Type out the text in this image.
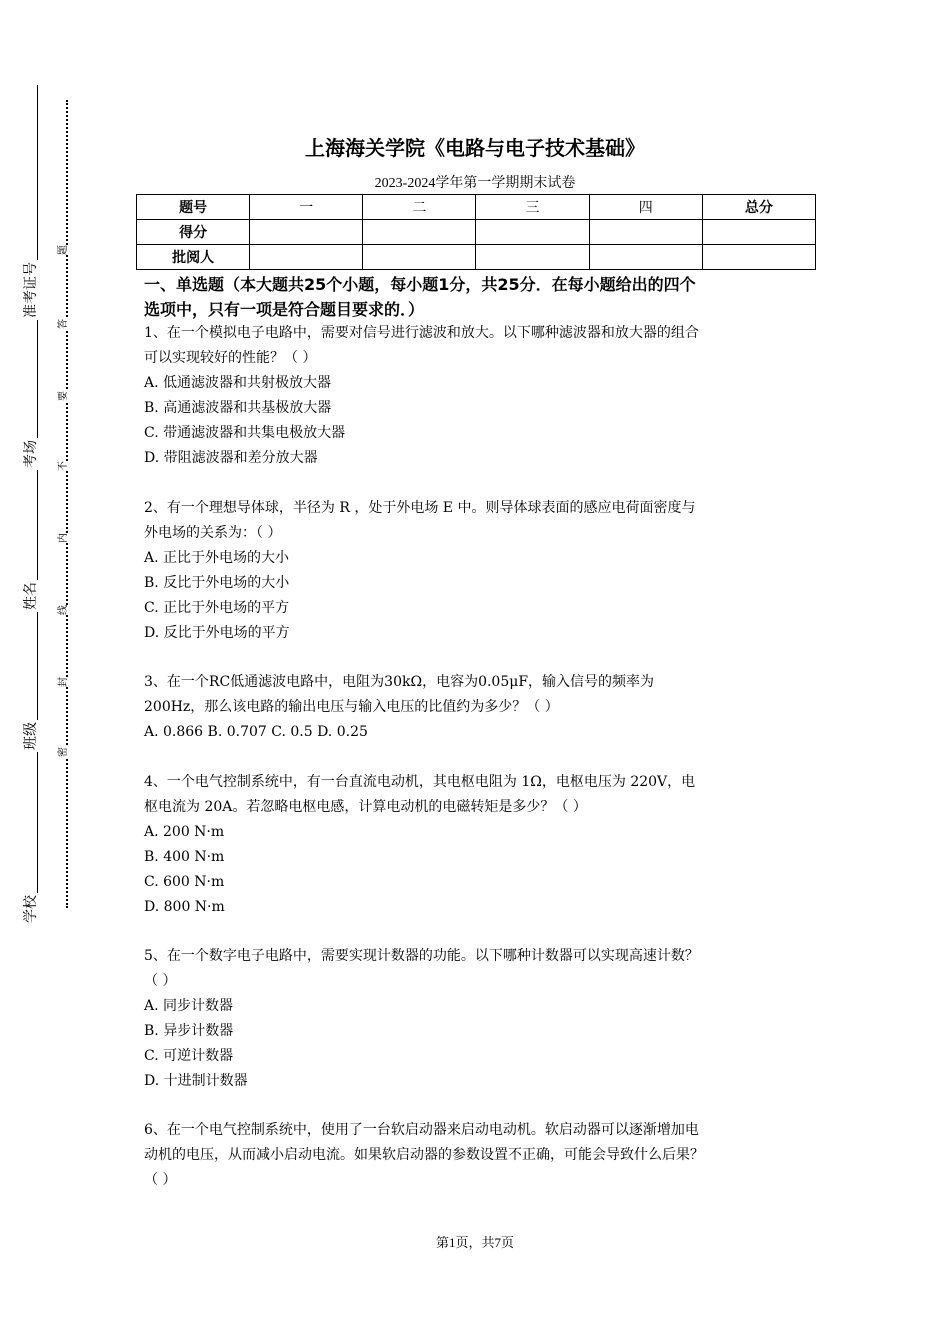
准考证号
考场
姓名
班级
学校
题
答
要
不
内
线
封
密
上海海关学院《电路与电子技术基础》
2023-2024学年第一学期期末试卷
题号	一	二	三	四	总分
得分					
批阅人					
一、单选题（本大题共25个小题，每小题1分，共25分．在每小题给出的四个
选项中，只有一项是符合题目要求的．）
1、在一个模拟电子电路中，需要对信号进行滤波和放大。以下哪种滤波器和放大器的组合
可以实现较好的性能？（ ）
A. 低通滤波器和共射极放大器
B. 高通滤波器和共基极放大器
C. 带通滤波器和共集电极放大器
D. 带阻滤波器和差分放大器
2、有一个理想导体球，半径为 R ，处于外电场 E 中。则导体球表面的感应电荷面密度与
外电场的关系为：（ ）
A. 正比于外电场的大小
B. 反比于外电场的大小
C. 正比于外电场的平方
D. 反比于外电场的平方
3、在一个RC低通滤波电路中，电阻为30kΩ，电容为0.05μF，输入信号的频率为
200Hz，那么该电路的输出电压与输入电压的比值约为多少？（ ）
A. 0.866 B. 0.707 C. 0.5 D. 0.25
4、一个电气控制系统中，有一台直流电动机，其电枢电阻为 1Ω，电枢电压为 220V，电
枢电流为 20A。若忽略电枢电感，计算电动机的电磁转矩是多少？（ ）
A. 200 N·m
B. 400 N·m
C. 600 N·m
D. 800 N·m
5、在一个数字电子电路中，需要实现计数器的功能。以下哪种计数器可以实现高速计数？
（ ）
A. 同步计数器
B. 异步计数器
C. 可逆计数器
D. 十进制计数器
6、在一个电气控制系统中，使用了一台软启动器来启动电动机。软启动器可以逐渐增加电
动机的电压，从而减小启动电流。如果软启动器的参数设置不正确，可能会导致什么后果？
（ ）
第1页，共7页
